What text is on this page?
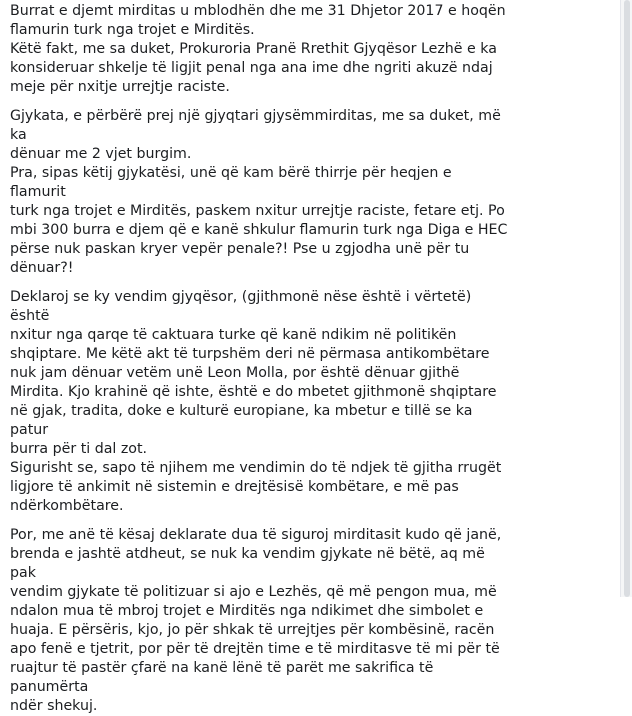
Burrat e djemt mirditas u mblodhën dhe me 31 Dhjetor 2017 e hoqën
flamurin turk nga trojet e Mirditës.

Këtë fakt, me sa duket, Prokuroria Pranë Rrethit Gjyqësor Lezhë e ka
konsideruar shkelje të ligjit penal nga ana ime dhe ngriti akuzë ndaj
meje për nxitje urrejtje raciste.

Gjykata, e përbërë prej një gjyqtari gjysëmmirditas, me sa duket, më ka
dënuar me 2 vjet burgim.

Pra, sipas këtij gjykatësi, unë që kam bërë thirrje për heqjen e flamurit
turk nga trojet e Mirditës, paskem nxitur urrejtje raciste, fetare etj. Po
mbi 300 burra e djem që e kanë shkulur flamurin turk nga Diga e HEC
përse nuk paskan kryer vepër penale?! Pse u zgjodha unë për tu
dënuar?!

Deklaroj se ky vendim gjyqësor, (gjithmonë nëse është i vërtetë) është
nxitur nga qarqe të caktuara turke që kanë ndikim në politikën
shqiptare. Me këtë akt të turpshëm deri në përmasa antikombëtare
nuk jam dënuar vetëm unë Leon Molla, por është dënuar gjithë
Mirdita. Kjo krahinë që ishte, është e do mbetet gjithmonë shqiptare
në gjak, tradita, doke e kulturë europiane, ka mbetur e tillë se ka patur
burra për ti dal zot.

Sigurisht se, sapo të njihem me vendimin do të ndjek të gjitha rrugët
ligjore të ankimit në sistemin e drejtësisë kombëtare, e më pas
ndërkombëtare.

Por, me anë të kësaj deklarate dua të siguroj mirditasit kudo që janë,
brenda e jashtë atdheut, se nuk ka vendim gjykate në bëtë, aq më pak
vendim gjykate të politizuar si ajo e Lezhës, që më pengon mua, më
ndalon mua të mbroj trojet e Mirditës nga ndikimet dhe simbolet e
huaja. E përsëris, kjo, jo për shkak të urrejtjes për kombësinë, racën
apo fenë e tjetrit, por për të drejtën time e të mirditasve të mi për të
ruajtur të pastër çfarë na kanë lënë të parët me sakrifica të panumërta
ndër shekuj.
